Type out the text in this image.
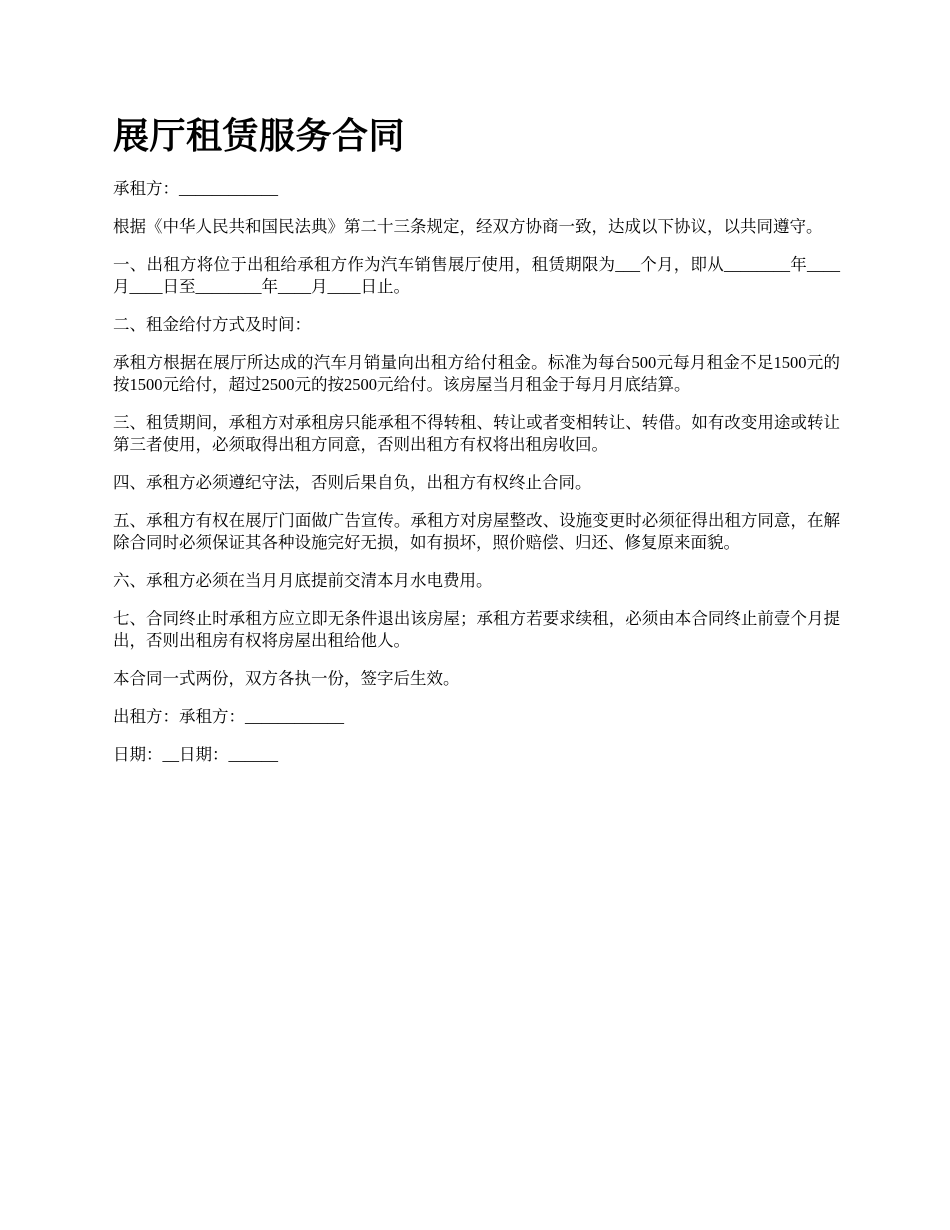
展厅租赁服务合同

承租方：____________

根据《中华人民共和国民法典》第二十三条规定，经双方协商一致，达成以下协议，以共同遵守。

一、出租方将位于出租给承租方作为汽车销售展厅使用，租赁期限为___个月，即从________年____月____日至________年____月____日止。

二、租金给付方式及时间：

承租方根据在展厅所达成的汽车月销量向出租方给付租金。标准为每台500元每月租金不足1500元的按1500元给付，超过2500元的按2500元给付。该房屋当月租金于每月月底结算。

三、租赁期间，承租方对承租房只能承租不得转租、转让或者变相转让、转借。如有改变用途或转让第三者使用，必须取得出租方同意，否则出租方有权将出租房收回。

四、承租方必须遵纪守法，否则后果自负，出租方有权终止合同。

五、承租方有权在展厅门面做广告宣传。承租方对房屋整改、设施变更时必须征得出租方同意，在解除合同时必须保证其各种设施完好无损，如有损坏，照价赔偿、归还、修复原来面貌。

六、承租方必须在当月月底提前交清本月水电费用。

七、合同终止时承租方应立即无条件退出该房屋；承租方若要求续租，必须由本合同终止前壹个月提出，否则出租房有权将房屋出租给他人。

本合同一式两份，双方各执一份，签字后生效。

出租方：承租方：____________

日期：__日期：______
